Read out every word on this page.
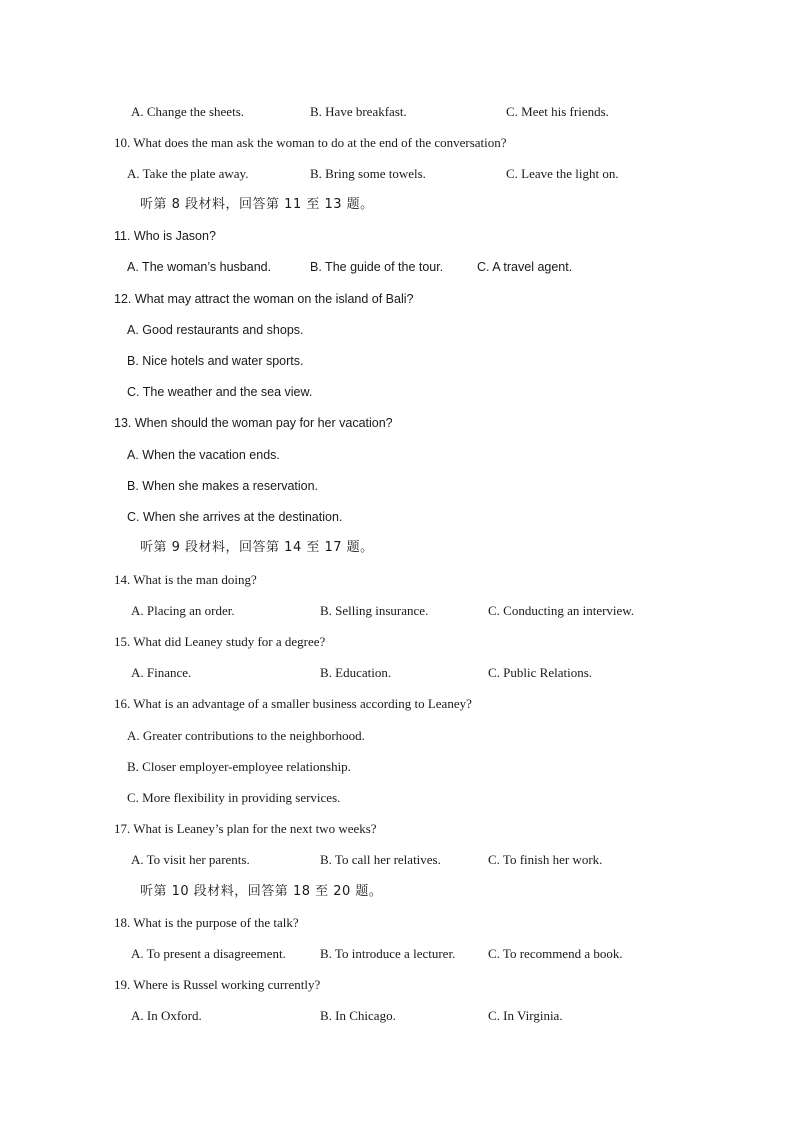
A. Change the sheets.	B. Have breakfast.	C. Meet his friends.
10. What does the man ask the woman to do at the end of the conversation?
A. Take the plate away.	B. Bring some towels.	C. Leave the light on.
听第 8 段材料，回答第 11 至 13 题。
11. Who is Jason?
A. The woman’s husband.	B. The guide of the tour.	C. A travel agent.
12. What may attract the woman on the island of Bali?
A. Good restaurants and shops.
B. Nice hotels and water sports.
C. The weather and the sea view.
13. When should the woman pay for her vacation?
A. When the vacation ends.
B. When she makes a reservation.
C. When she arrives at the destination.
听第 9 段材料，回答第 14 至 17 题。
14. What is the man doing?
A. Placing an order.	B. Selling insurance.	C. Conducting an interview.
15. What did Leaney study for a degree?
A. Finance.	B. Education.	C. Public Relations.
16. What is an advantage of a smaller business according to Leaney?
A. Greater contributions to the neighborhood.
B. Closer employer-employee relationship.
C. More flexibility in providing services.
17. What is Leaney’s plan for the next two weeks?
A. To visit her parents.	B. To call her relatives.	C. To finish her work.
听第 10 段材料，回答第 18 至 20 题。
18. What is the purpose of the talk?
A. To present a disagreement.	B. To introduce a lecturer.	C. To recommend a book.
19. Where is Russel working currently?
A. In Oxford.	B. In Chicago.	C. In Virginia.
